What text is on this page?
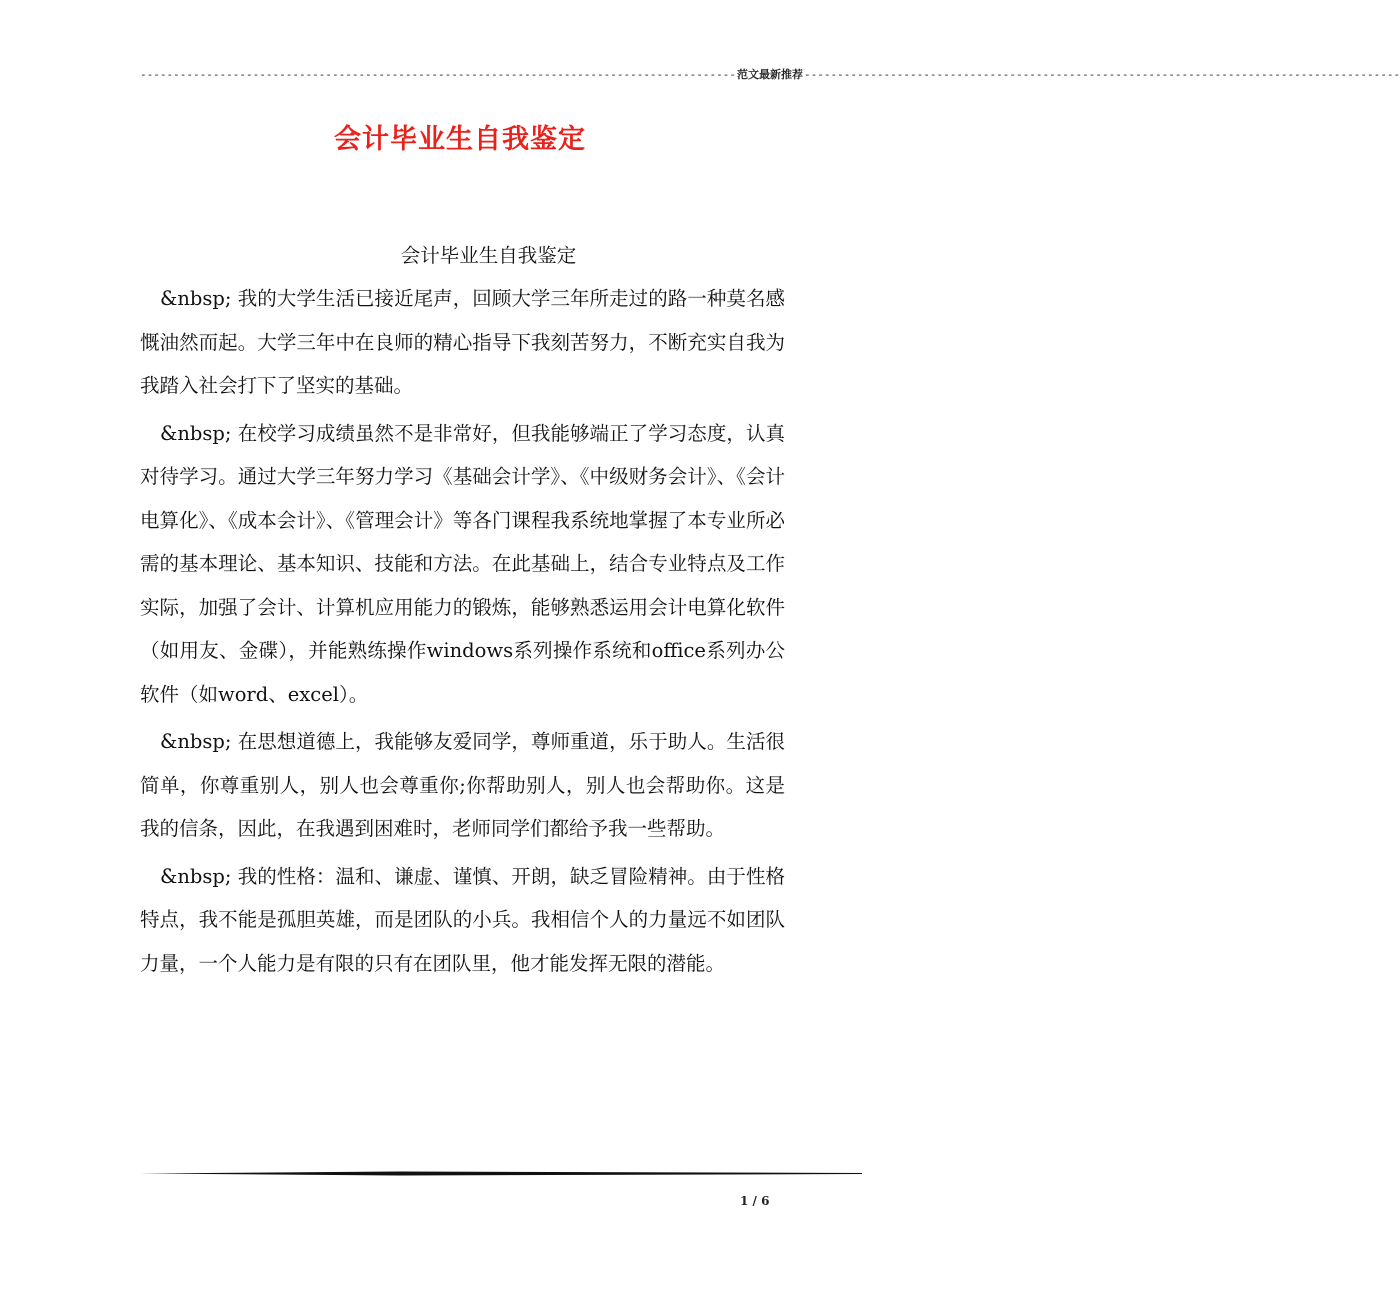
------------------------------------------------------------------------------------------ 范文最新推荐 ------------------------------------------------------------------------------------------
会计毕业生自我鉴定

会计毕业生自我鉴定

&nbsp; 我的大学生活已接近尾声，回顾大学三年所走过的路一种莫名感慨油然而起。大学三年中在良师的精心指导下我刻苦努力，不断充实自我为我踏入社会打下了坚实的基础。

&nbsp; 在校学习成绩虽然不是非常好，但我能够端正了学习态度，认真对待学习。通过大学三年努力学习《基础会计学》、《中级财务会计》、《会计电算化》、《成本会计》、《管理会计》等各门课程我系统地掌握了本专业所必需的基本理论、基本知识、技能和方法。在此基础上，结合专业特点及工作实际，加强了会计、计算机应用能力的锻炼，能够熟悉运用会计电算化软件（如用友、金碟），并能熟练操作windows系列操作系统和office系列办公软件（如word、excel）。

&nbsp; 在思想道德上，我能够友爱同学，尊师重道，乐于助人。生活很简单，你尊重别人，别人也会尊重你;你帮助别人，别人也会帮助你。这是我的信条，因此，在我遇到困难时，老师同学们都给予我一些帮助。

&nbsp; 我的性格：温和、谦虚、谨慎、开朗，缺乏冒险精神。由于性格特点，我不能是孤胆英雄，而是团队的小兵。我相信个人的力量远不如团队力量，一个人能力是有限的只有在团队里，他才能发挥无限的潜能。

1 / 6
